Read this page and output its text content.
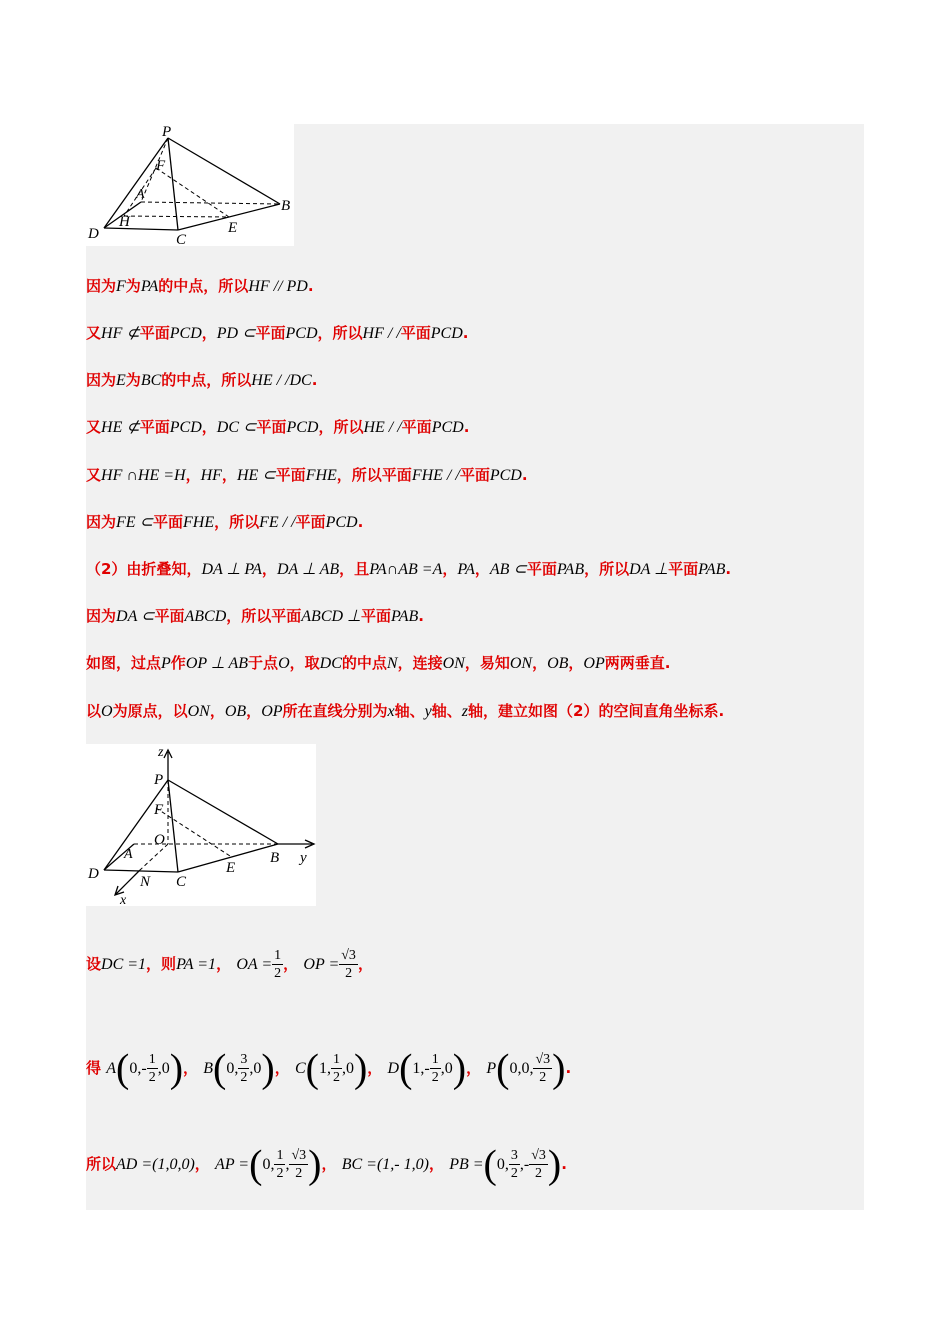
P
F
A
H
D	C
E
B
因为F为PA的中点，所以HF // PD.
又HF ⊄平面PCD，PD ⊂平面PCD，所以HF / /平面PCD.
因为E为BC的中点，所以HE / /DC.
又HE ⊄平面PCD，DC ⊂平面PCD，所以HE / /平面PCD.
又HF ∩HE =H，HF，HE ⊂平面FHE，所以平面FHE / /平面PCD.
因为FE ⊂平面FHE，所以FE / /平面PCD.
（2）由折叠知，DA ⊥ PA，DA ⊥ AB，且PA∩AB =A，PA，AB ⊂平面PAB，所以DA ⊥平面PAB.
因为DA ⊂平面ABCD，所以平面ABCD ⊥平面PAB.
如图，过点P作OP ⊥ AB于点O，取DC的中点N，连接ON，易知ON，OB，OP两两垂直.
以O为原点，以ON，OB，OP所在直线分别为x轴、y轴、z轴，建立如图（2）的空间直角坐标系.
z
P
F
O
A
D	N C
E
B y
x
设DC =1，则PA =1， OA = $\frac{1}{2}$ ， OP = $\frac{√3}{2}$ ，
得 $A(0,- \frac{1}{2} ,0)$， B(0, $\frac{3}{2} ,0$)， C(1, $\frac{1}{2} ,0$)， $D(1,- \frac{1}{2} ,0)$， P(0,0, $\frac{√3}{2}$ ).
所以AD =(1,0,0)， AP =(0, $\frac{1}{2}$ , $\frac{√3}{2}$ )， BC =(1,- 1,0)， PB =(0, $\frac{3}{2}$ ,- $\frac{√3}{2}$ ).
